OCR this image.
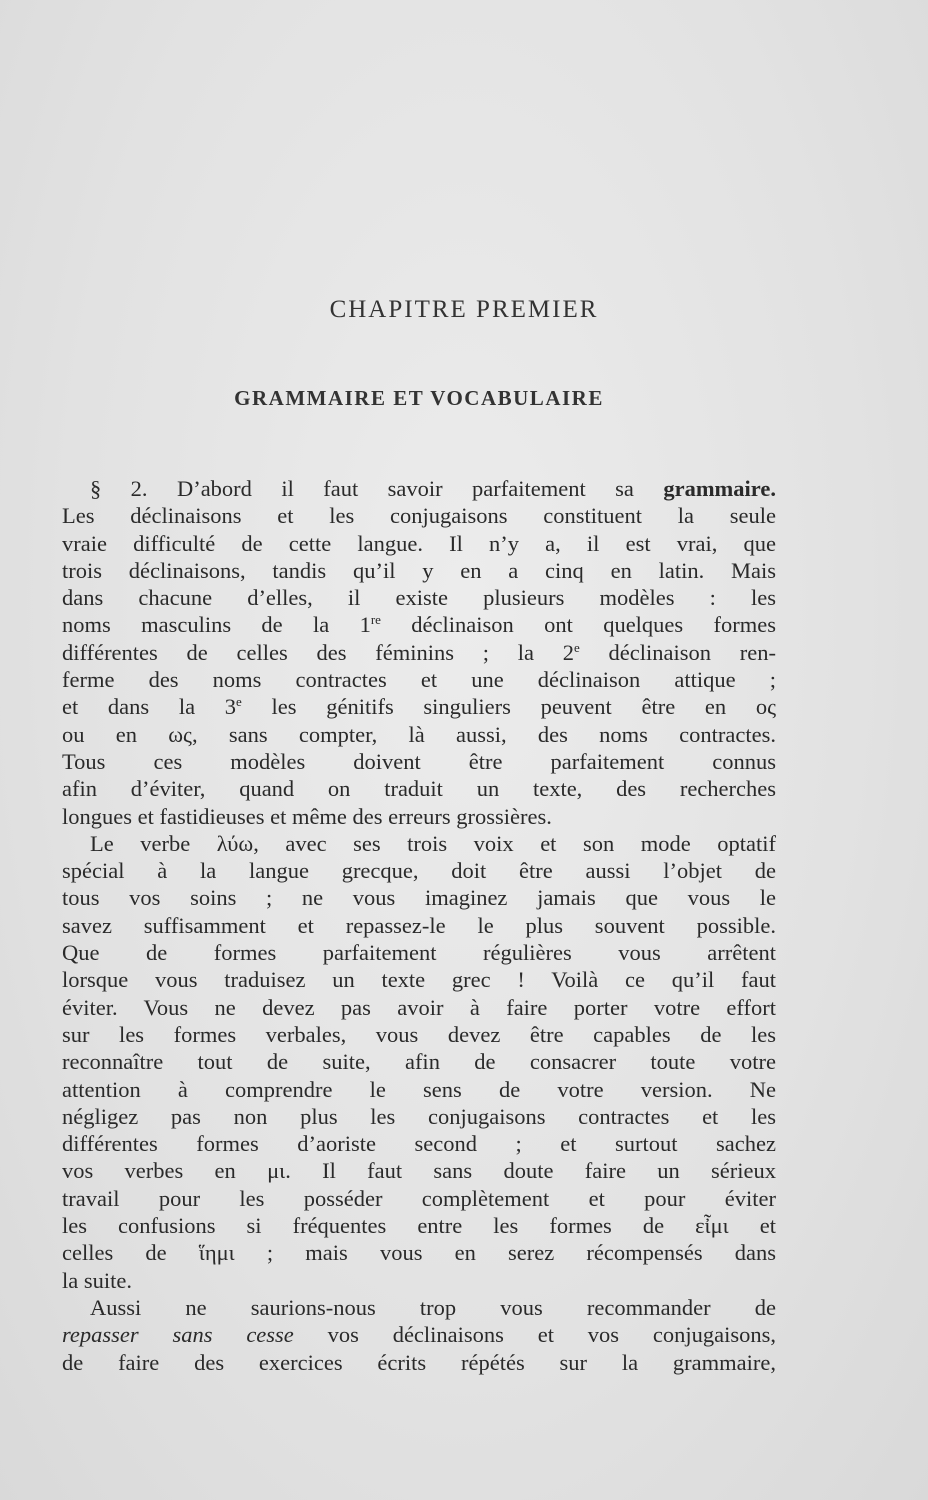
CHAPITRE PREMIER
GRAMMAIRE ET VOCABULAIRE
§ 2. D’abord il faut savoir parfaitement sa grammaire.
Les déclinaisons et les conjugaisons constituent la seule
vraie difficulté de cette langue. Il n’y a, il est vrai, que
trois déclinaisons, tandis qu’il y en a cinq en latin. Mais
dans chacune d’elles, il existe plusieurs modèles : les
noms masculins de la 1re déclinaison ont quelques formes
différentes de celles des féminins ; la 2e déclinaison ren-
ferme des noms contractes et une déclinaison attique ;
et dans la 3e les génitifs singuliers peuvent être en ος
ou en ως, sans compter, là aussi, des noms contractes.
Tous ces modèles doivent être parfaitement connus
afin d’éviter, quand on traduit un texte, des recherches
longues et fastidieuses et même des erreurs grossières.
Le verbe λύω, avec ses trois voix et son mode optatif
spécial à la langue grecque, doit être aussi l’objet de
tous vos soins ; ne vous imaginez jamais que vous le
savez suffisamment et repassez-le le plus souvent possible.
Que de formes parfaitement régulières vous arrêtent
lorsque vous traduisez un texte grec ! Voilà ce qu’il faut
éviter. Vous ne devez pas avoir à faire porter votre effort
sur les formes verbales, vous devez être capables de les
reconnaître tout de suite, afin de consacrer toute votre
attention à comprendre le sens de votre version. Ne
négligez pas non plus les conjugaisons contractes et les
différentes formes d’aoriste second ; et surtout sachez
vos verbes en μι. Il faut sans doute faire un sérieux
travail pour les posséder complètement et pour éviter
les confusions si fréquentes entre les formes de εἶμι et
celles de ἵημι ; mais vous en serez récompensés dans
la suite.
Aussi ne saurions-nous trop vous recommander de
repasser sans cesse vos déclinaisons et vos conjugaisons,
de faire des exercices écrits répétés sur la grammaire,
